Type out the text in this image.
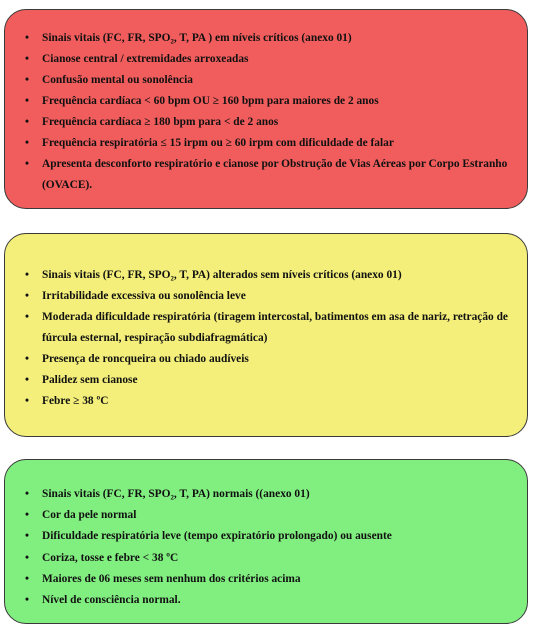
• Sinais vitais (FC, FR, SPO₂, T, PA ) em níveis críticos (anexo 01)
• Cianose central / extremidades arroxeadas
• Confusão mental ou sonolência
• Frequência cardíaca < 60 bpm OU ≥ 160 bpm para maiores de 2 anos
• Frequência cardíaca ≥ 180 bpm para < de 2 anos
• Frequência respiratória ≤ 15 irpm ou ≥ 60 irpm com dificuldade de falar
• Apresenta desconforto respiratório e cianose por Obstrução de Vias Aéreas por Corpo Estranho (OVACE).
• Sinais vitais (FC, FR, SPO₂, T, PA) alterados sem níveis críticos (anexo 01)
• Irritabilidade excessiva ou sonolência leve
• Moderada dificuldade respiratória (tiragem intercostal, batimentos em asa de nariz, retração de fúrcula esternal, respiração subdiafragmática)
• Presença de roncqueira ou chiado audíveis
• Palidez sem cianose
• Febre ≥ 38 ºC
• Sinais vitais (FC, FR, SPO₂, T, PA) normais ((anexo 01)
• Cor da pele normal
• Dificuldade respiratória leve (tempo expiratório prolongado) ou ausente
• Coriza, tosse e febre < 38 ºC
• Maiores de 06 meses sem nenhum dos critérios acima
• Nível de consciência normal.
